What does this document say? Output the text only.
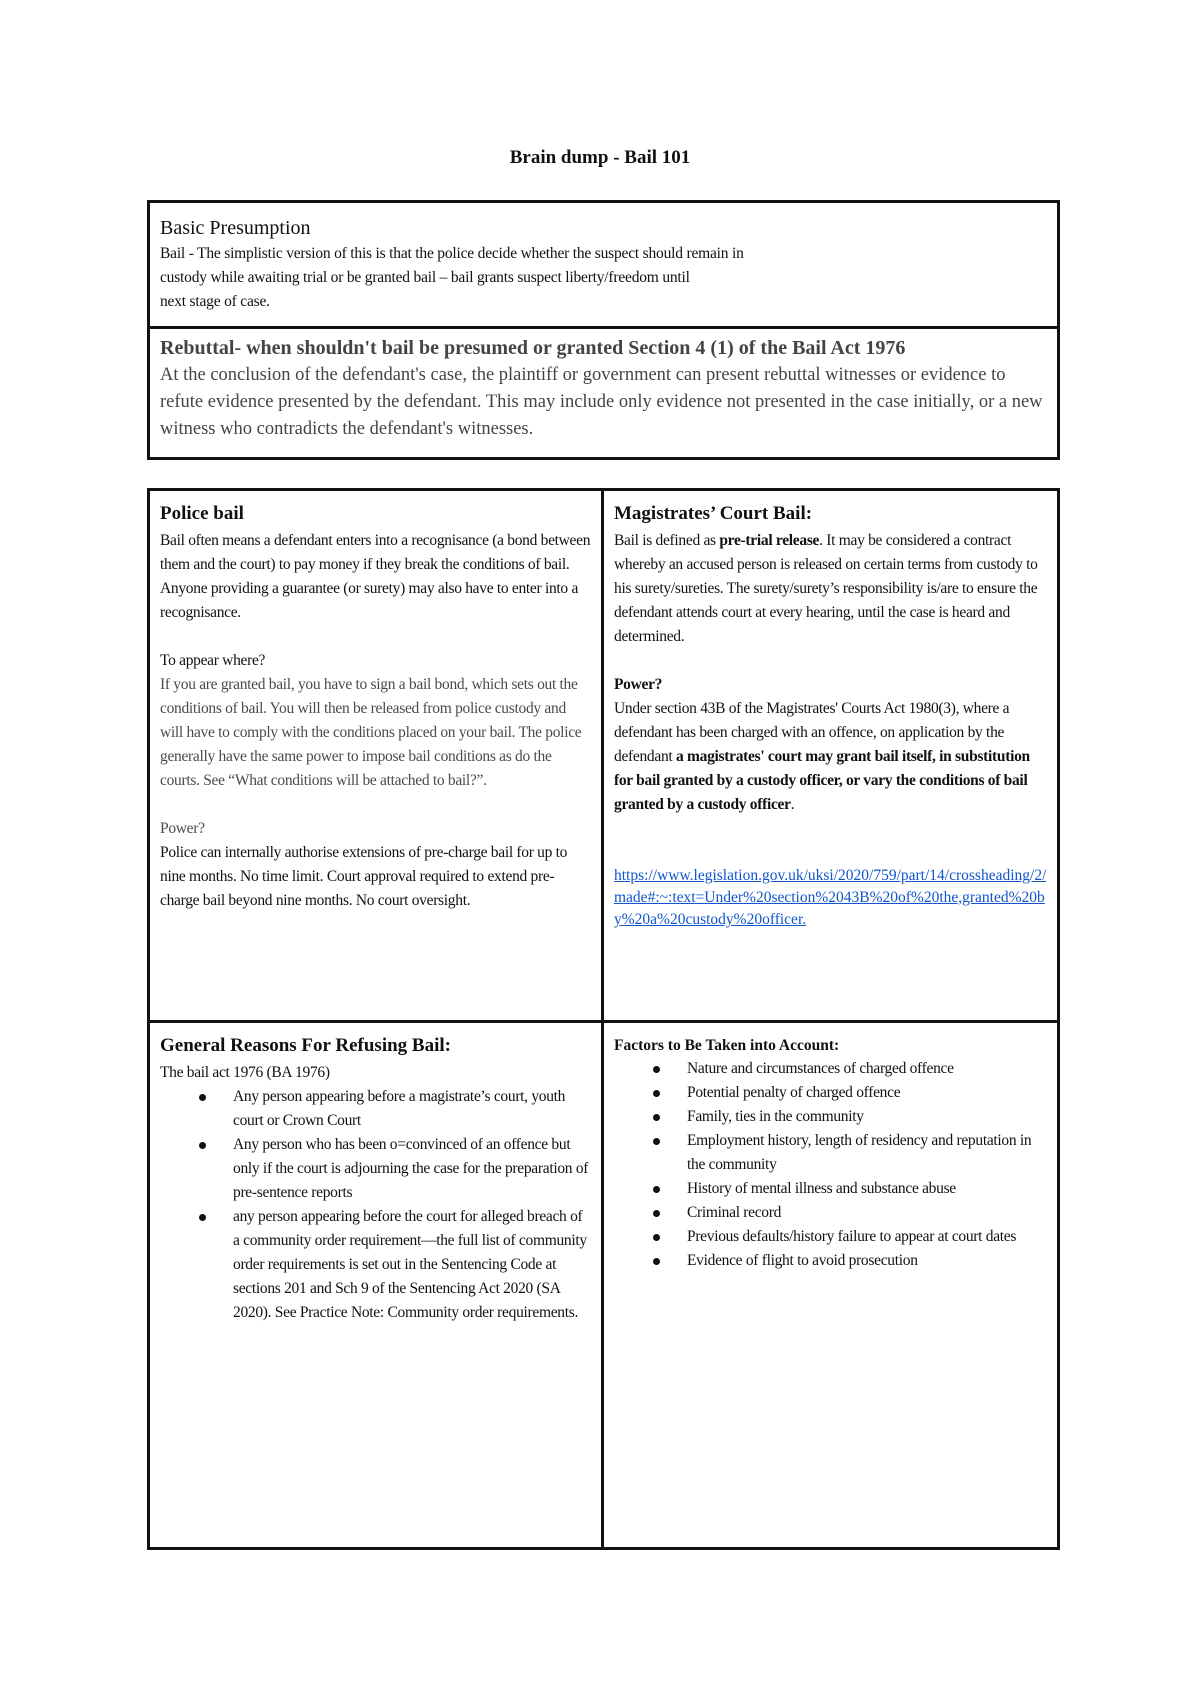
Brain dump - Bail 101
Basic Presumption
Bail - The simplistic version of this is that the police decide whether the suspect should remain in
custody while awaiting trial or be granted bail – bail grants suspect liberty/freedom until
next stage of case.
Rebuttal- when shouldn't bail be presumed or granted Section 4 (1) of the Bail Act 1976
At the conclusion of the defendant's case, the plaintiff or government can present rebuttal witnesses or evidence to refute evidence presented by the defendant. This may include only evidence not presented in the case initially, or a new witness who contradicts the defendant's witnesses.
Police bail
Bail often means a defendant enters into a recognisance (a bond between them and the court) to pay money if they break the conditions of bail. Anyone providing a guarantee (or surety) may also have to enter into a recognisance.
To appear where?
If you are granted bail, you have to sign a bail bond, which sets out the conditions of bail. You will then be released from police custody and will have to comply with the conditions placed on your bail. The police generally have the same power to impose bail conditions as do the courts. See “What conditions will be attached to bail?”.
Power?
Police can internally authorise extensions of pre-charge bail for up to nine months. No time limit. Court approval required to extend pre-charge bail beyond nine months. No court oversight.
Magistrates’ Court Bail:
Bail is defined as pre-trial release. It may be considered a contract whereby an accused person is released on certain terms from custody to his surety/sureties. The surety/surety’s responsibility is/are to ensure the defendant attends court at every hearing, until the case is heard and determined.
Power?
Under section 43B of the Magistrates' Courts Act 1980(3), where a defendant has been charged with an offence, on application by the defendant a magistrates' court may grant bail itself, in substitution for bail granted by a custody officer, or vary the conditions of bail granted by a custody officer.
https://www.legislation.gov.uk/uksi/2020/759/part/14/crossheading/2/made#:~:text=Under%20section%2043B%20of%20the,granted%20by%20a%20custody%20officer.
General Reasons For Refusing Bail:
The bail act 1976 (BA 1976)
Any person appearing before a magistrate’s court, youth court or Crown Court
Any person who has been o=convinced of an offence but only if the court is adjourning the case for the preparation of pre-sentence reports
any person appearing before the court for alleged breach of a community order requirement—the full list of community order requirements is set out in the Sentencing Code at sections 201 and Sch 9 of the Sentencing Act 2020 (SA 2020). See Practice Note: Community order requirements.
Factors to Be Taken into Account:
Nature and circumstances of charged offence
Potential penalty of charged offence
Family, ties in the community
Employment history, length of residency and reputation in the community
History of mental illness and substance abuse
Criminal record
Previous defaults/history failure to appear at court dates
Evidence of flight to avoid prosecution
